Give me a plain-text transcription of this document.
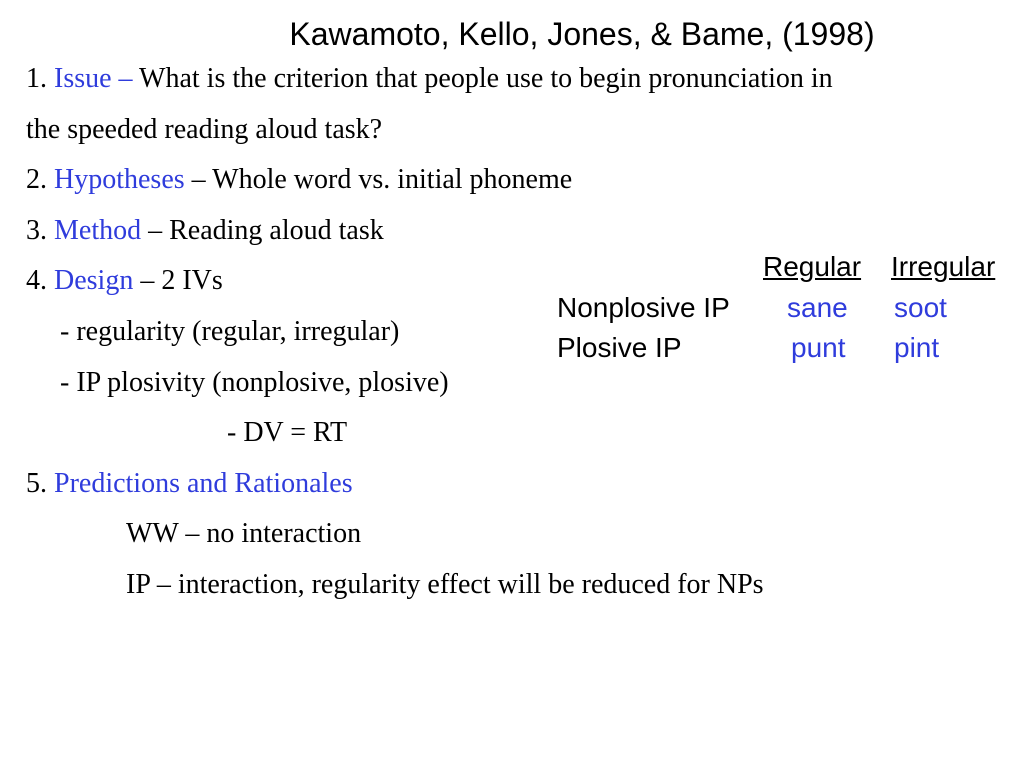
Kawamoto, Kello, Jones, & Bame, (1998)
1. Issue – What is the criterion that people use to begin pronunciation in
the speeded reading aloud task?
2. Hypotheses – Whole word vs. initial phoneme
3. Method – Reading aloud task
4. Design – 2 IVs
- regularity (regular, irregular)
- IP plosivity (nonplosive, plosive)
- DV = RT
5. Predictions and Rationales
WW – no interaction
IP – interaction, regularity effect will be reduced for NPs
Regular Irregular
Nonplosive IP sane soot
Plosive IP	punt pint
